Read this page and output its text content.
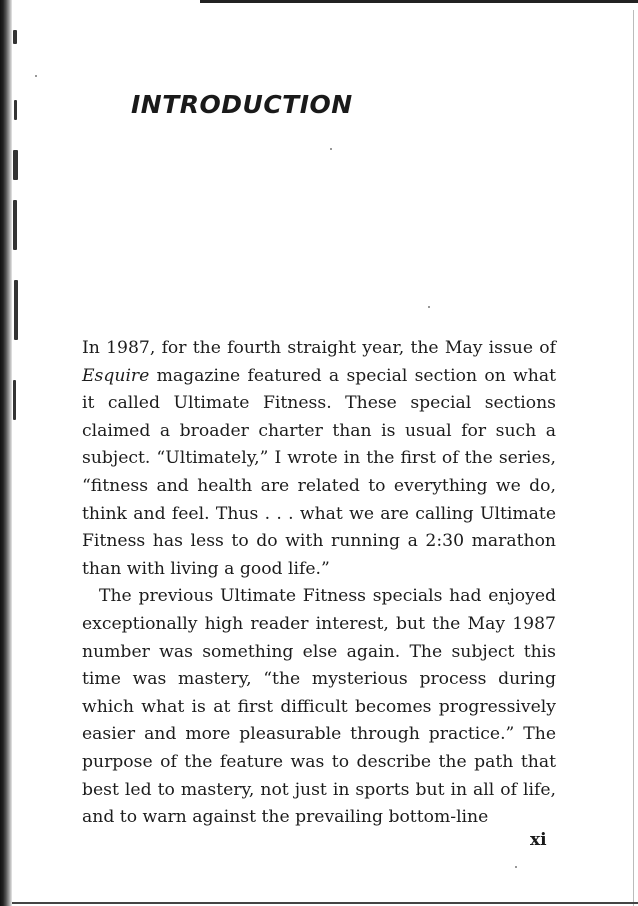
INTRODUCTION

In 1987, for the fourth straight year, the May issue of Esquire magazine featured a special section on what it called Ultimate Fitness. These special sections claimed a broader charter than is usual for such a subject. “Ultimately,” I wrote in the first of the series, “fitness and health are related to everything we do, think and feel. Thus . . . what we are calling Ultimate Fitness has less to do with running a 2:30 marathon than with living a good life.”

The previous Ultimate Fitness specials had enjoyed exceptionally high reader interest, but the May 1987 number was something else again. The subject this time was mastery, “the mysterious process during which what is at first difficult becomes progressively easier and more pleasurable through practice.” The purpose of the feature was to describe the path that best led to mastery, not just in sports but in all of life, and to warn against the prevailing bottom-line

xi
